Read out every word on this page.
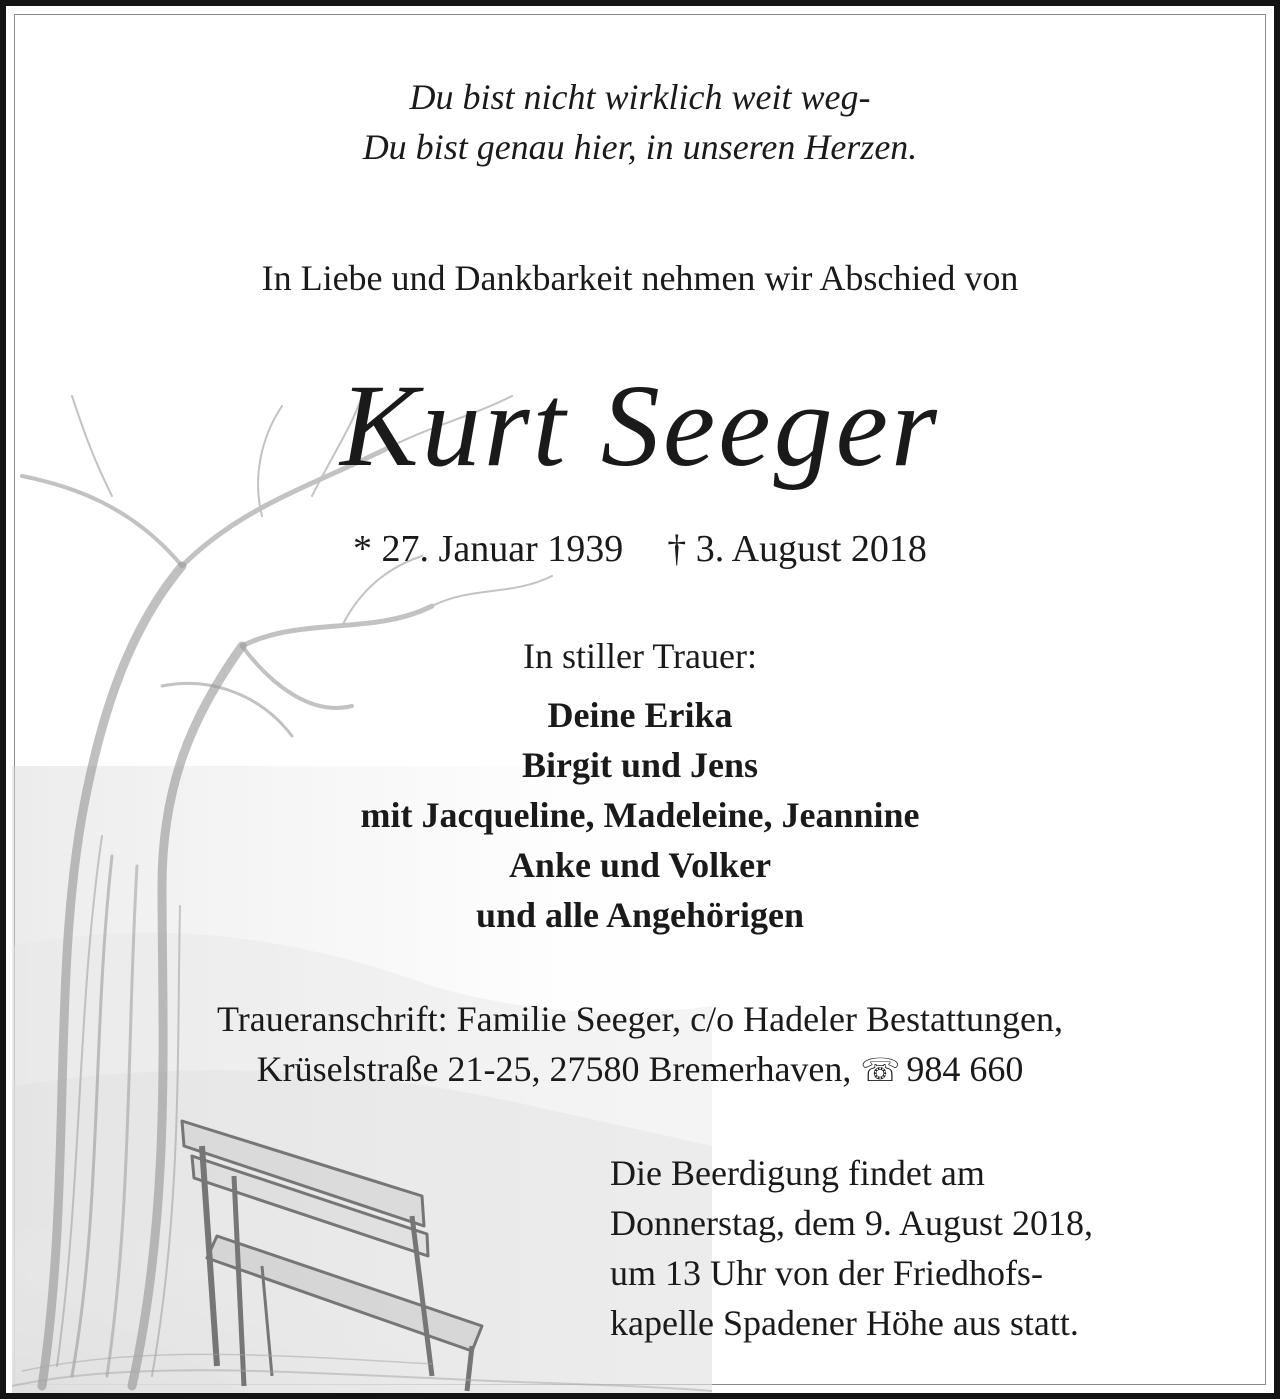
Du bist nicht wirklich weit weg-
Du bist genau hier, in unseren Herzen.
In Liebe und Dankbarkeit nehmen wir Abschied von
Kurt Seeger
* 27. Januar 1939 † 3. August 2018
In stiller Trauer:
Deine Erika
Birgit und Jens
mit Jacqueline, Madeleine, Jeannine
Anke und Volker
und alle Angehörigen
Traueranschrift: Familie Seeger, c/o Hadeler Bestattungen,
Krüselstraße 21-25, 27580 Bremerhaven, ☏ 984 660
Die Beerdigung findet am
Donnerstag, dem 9. August 2018,
um 13 Uhr von der Friedhofs-
kapelle Spadener Höhe aus statt.
